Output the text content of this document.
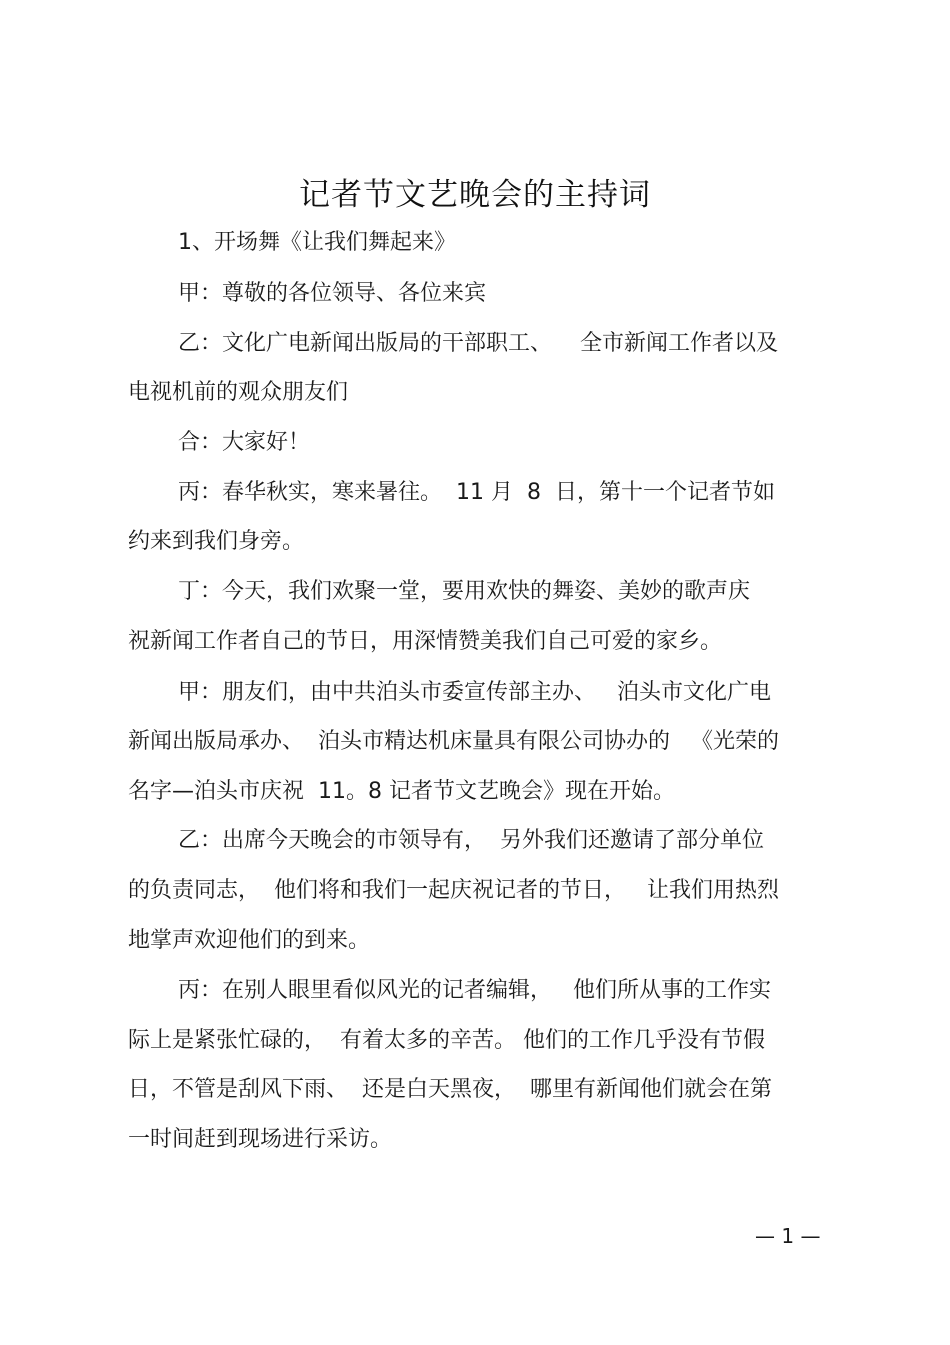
记者节文艺晚会的主持词
1、开场舞《让我们舞起来》
甲：尊敬的各位领导、各位来宾
乙：文化广电新闻出版局的干部职工、    全市新闻工作者以及
电视机前的观众朋友们
合：大家好！
丙：春华秋实，寒来暑往。  11 月  8  日，第十一个记者节如
约来到我们身旁。
丁：今天，我们欢聚一堂，要用欢快的舞姿、美妙的歌声庆
祝新闻工作者自己的节日，用深情赞美我们自己可爱的家乡。
甲：朋友们，由中共泊头市委宣传部主办、   泊头市文化广电
新闻出版局承办、  泊头市精达机床量具有限公司协办的   《光荣的
名字—泊头市庆祝  11。8 记者节文艺晚会》现在开始。
乙：出席今天晚会的市领导有，  另外我们还邀请了部分单位
的负责同志，  他们将和我们一起庆祝记者的节日，   让我们用热烈
地掌声欢迎他们的到来。
丙：在别人眼里看似风光的记者编辑，   他们所从事的工作实
际上是紧张忙碌的，  有着太多的辛苦。 他们的工作几乎没有节假
日，不管是刮风下雨、  还是白天黑夜，  哪里有新闻他们就会在第
一时间赶到现场进行采访。
— 1 —
